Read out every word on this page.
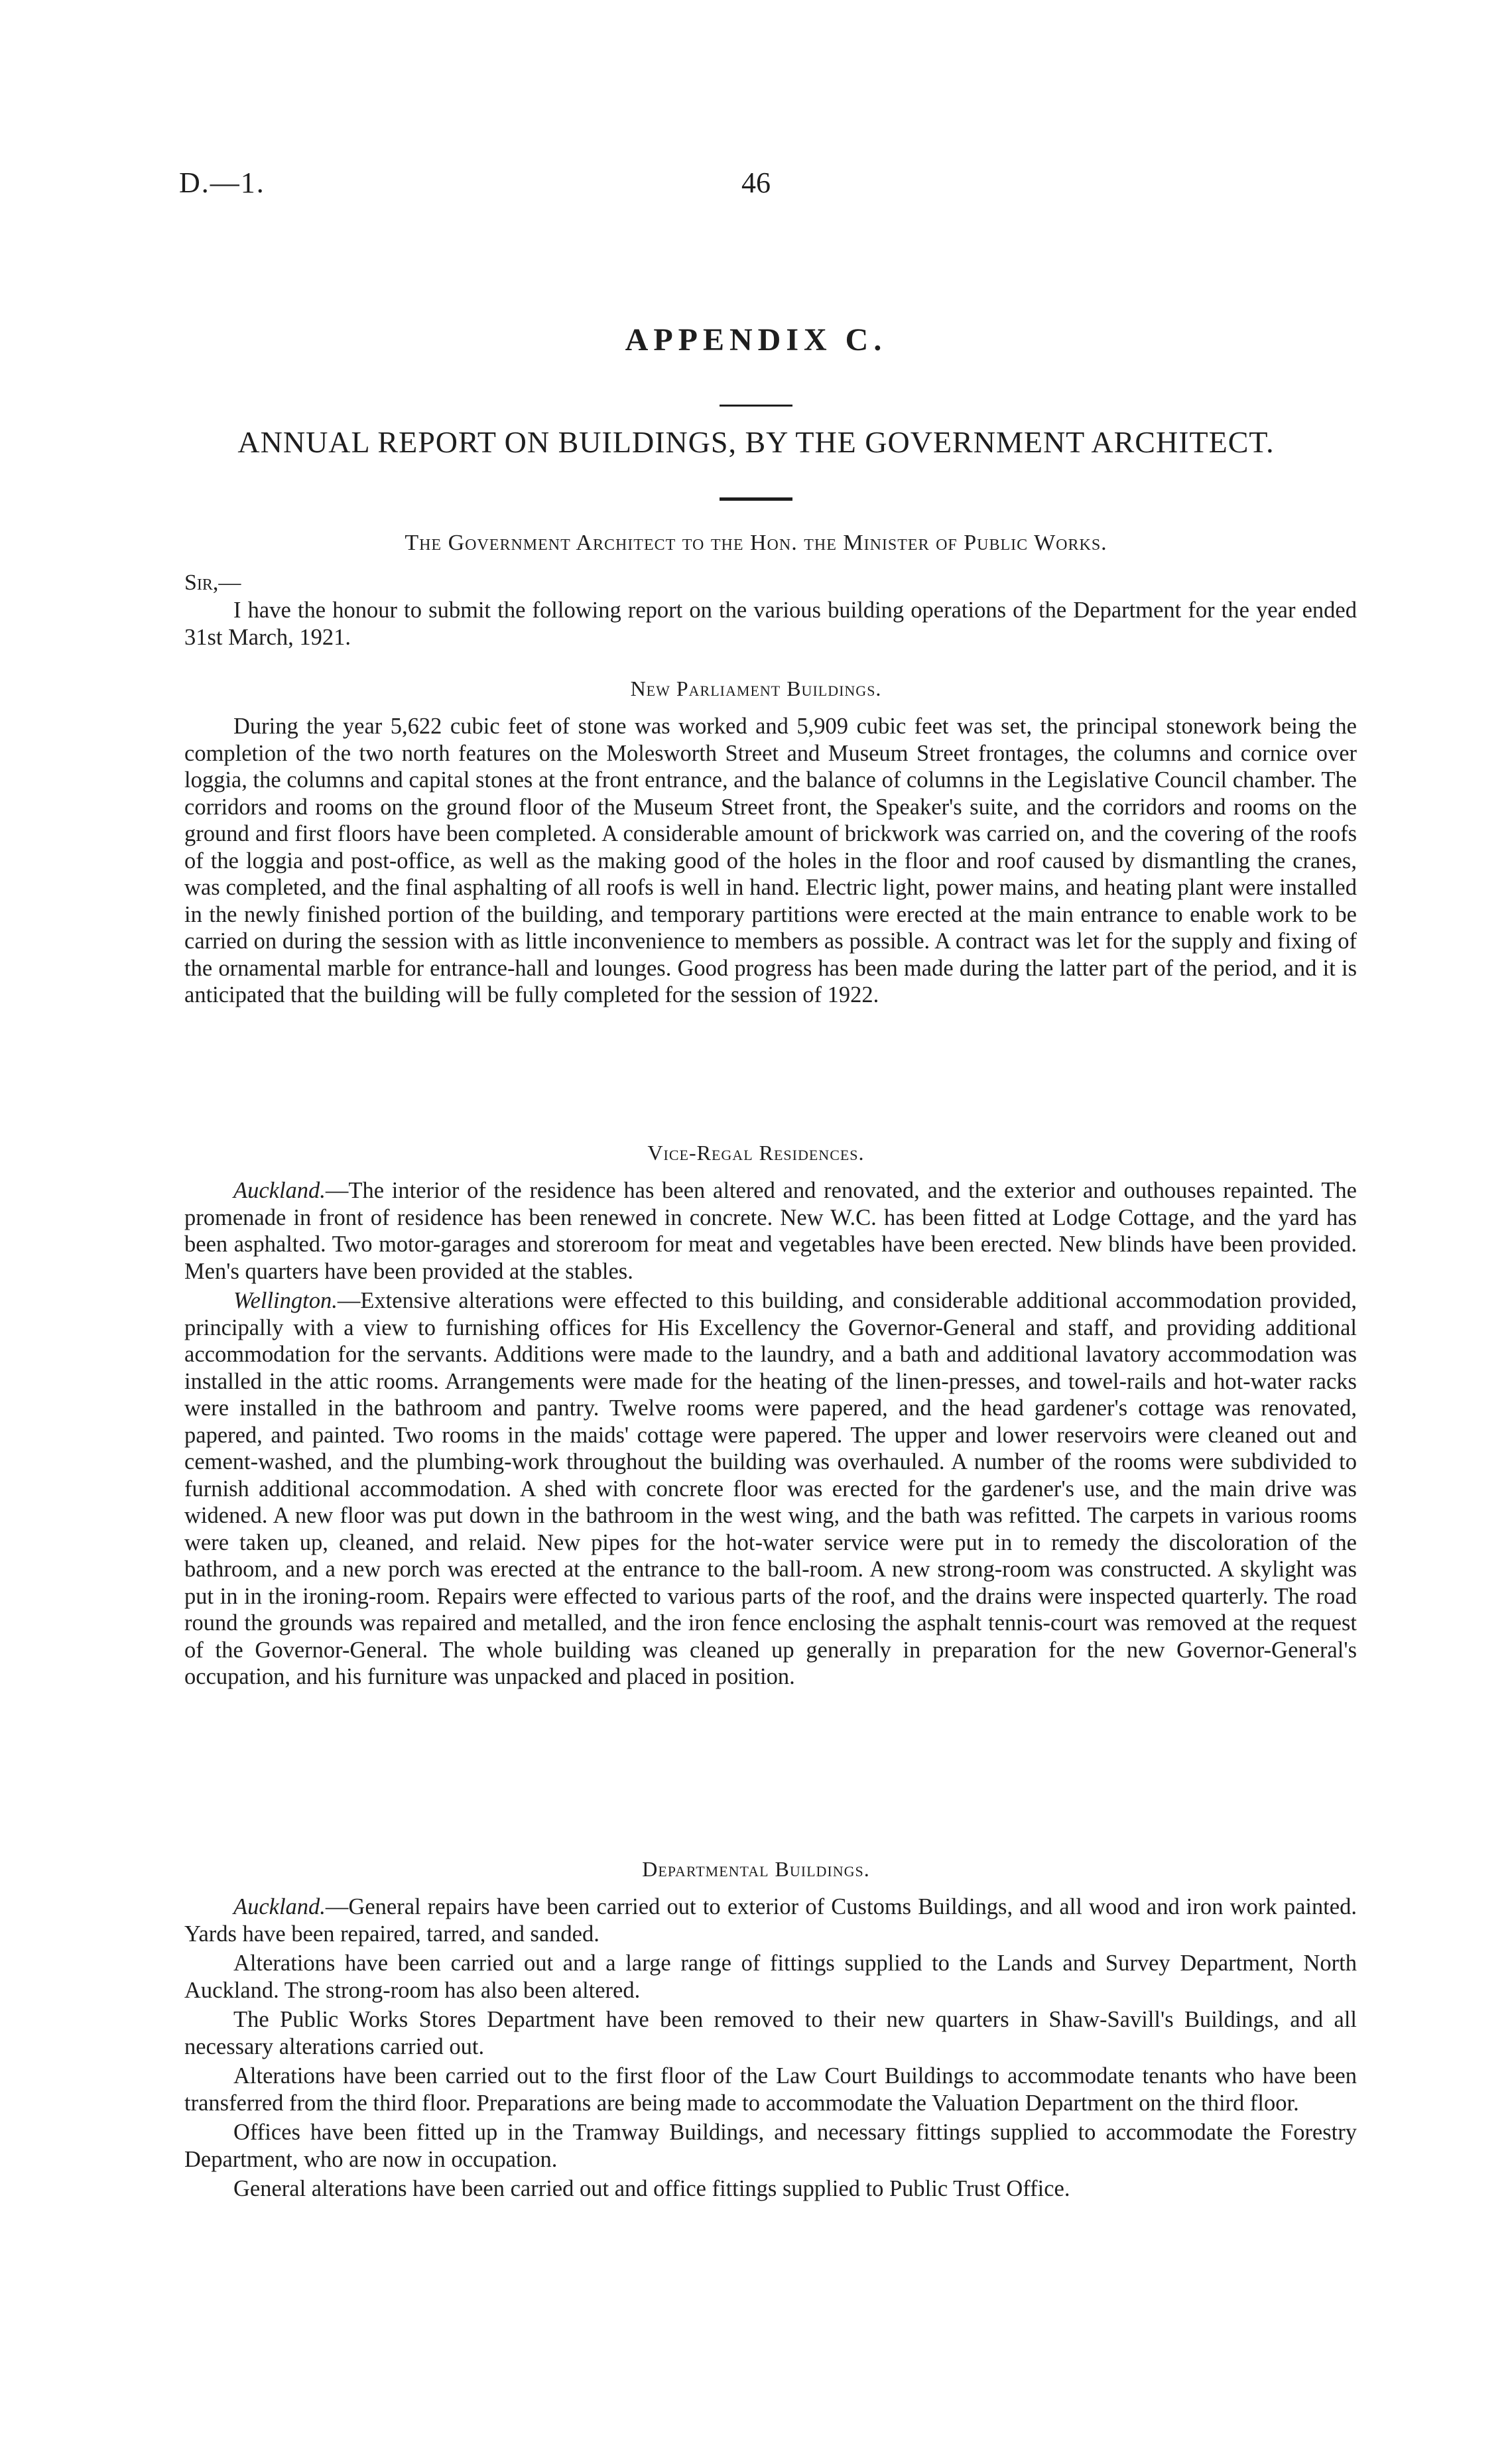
D.—1.	46
APPENDIX C.
ANNUAL REPORT ON BUILDINGS, BY THE GOVERNMENT ARCHITECT.
The Government Architect to the Hon. the Minister of Public Works.
Sir,—

I have the honour to submit the following report on the various building operations of the Department for the year ended 31st March, 1921.

New Parliament Buildings.

During the year 5,622 cubic feet of stone was worked and 5,909 cubic feet was set, the principal stonework being the completion of the two north features on the Molesworth Street and Museum Street frontages, the columns and cornice over loggia, the columns and capital stones at the front entrance, and the balance of columns in the Legislative Council chamber. The corridors and rooms on the ground floor of the Museum Street front, the Speaker's suite, and the corridors and rooms on the ground and first floors have been completed. A considerable amount of brickwork was carried on, and the covering of the roofs of the loggia and post-office, as well as the making good of the holes in the floor and roof caused by dismantling the cranes, was completed, and the final asphalting of all roofs is well in hand. Electric light, power mains, and heating plant were installed in the newly finished portion of the building, and temporary partitions were erected at the main entrance to enable work to be carried on during the session with as little inconvenience to members as possible. A contract was let for the supply and fixing of the ornamental marble for entrance-hall and lounges. Good progress has been made during the latter part of the period, and it is anticipated that the building will be fully completed for the session of 1922.

Vice-Regal Residences.

Auckland.—The interior of the residence has been altered and renovated, and the exterior and outhouses repainted. The promenade in front of residence has been renewed in concrete. New W.C. has been fitted at Lodge Cottage, and the yard has been asphalted. Two motor-garages and storeroom for meat and vegetables have been erected. New blinds have been provided. Men's quarters have been provided at the stables.

Wellington.—Extensive alterations were effected to this building, and considerable additional accommodation provided, principally with a view to furnishing offices for His Excellency the Governor-General and staff, and providing additional accommodation for the servants. Additions were made to the laundry, and a bath and additional lavatory accommodation was installed in the attic rooms. Arrangements were made for the heating of the linen-presses, and towel-rails and hot-water racks were installed in the bathroom and pantry. Twelve rooms were papered, and the head gardener's cottage was renovated, papered, and painted. Two rooms in the maids' cottage were papered. The upper and lower reservoirs were cleaned out and cement-washed, and the plumbing-work throughout the building was overhauled. A number of the rooms were subdivided to furnish additional accommodation. A shed with concrete floor was erected for the gardener's use, and the main drive was widened. A new floor was put down in the bathroom in the west wing, and the bath was refitted. The carpets in various rooms were taken up, cleaned, and relaid. New pipes for the hot-water service were put in to remedy the discoloration of the bathroom, and a new porch was erected at the entrance to the ball-room. A new strong-room was constructed. A skylight was put in in the ironing-room. Repairs were effected to various parts of the roof, and the drains were inspected quarterly. The road round the grounds was repaired and metalled, and the iron fence enclosing the asphalt tennis-court was removed at the request of the Governor-General. The whole building was cleaned up generally in preparation for the new Governor-General's occupation, and his furniture was unpacked and placed in position.

Departmental Buildings.

Auckland.—General repairs have been carried out to exterior of Customs Buildings, and all wood and iron work painted. Yards have been repaired, tarred, and sanded.

Alterations have been carried out and a large range of fittings supplied to the Lands and Survey Department, North Auckland. The strong-room has also been altered.

The Public Works Stores Department have been removed to their new quarters in Shaw-Savill's Buildings, and all necessary alterations carried out.

Alterations have been carried out to the first floor of the Law Court Buildings to accommodate tenants who have been transferred from the third floor. Preparations are being made to accommodate the Valuation Department on the third floor.

Offices have been fitted up in the Tramway Buildings, and necessary fittings supplied to accommodate the Forestry Department, who are now in occupation.

General alterations have been carried out and office fittings supplied to Public Trust Office.
